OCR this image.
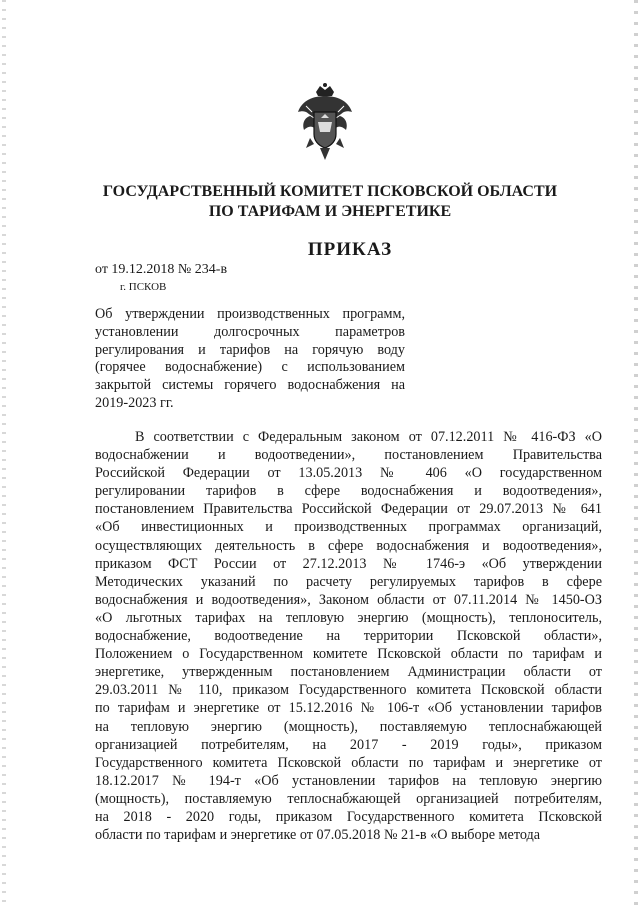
ГОСУДАРСТВЕННЫЙ КОМИТЕТ ПСКОВСКОЙ ОБЛАСТИ
ПО ТАРИФАМ И ЭНЕРГЕТИКЕ
ПРИКАЗ
от 19.12.2018 № 234-в
г. ПСКОВ
Об утверждении производственных программ,
установлении долгосрочных параметров
регулирования и тарифов на горячую воду
(горячее водоснабжение) с использованием
закрытой системы горячего водоснабжения на
2019-2023 гг.
В соответствии с Федеральным законом от 07.12.2011 № 416-ФЗ «О
водоснабжении и водоотведении», постановлением Правительства
Российской Федерации от 13.05.2013 № 406 «О государственном
регулировании тарифов в сфере водоснабжения и водоотведения»,
постановлением Правительства Российской Федерации от 29.07.2013 № 641
«Об инвестиционных и производственных программах организаций,
осуществляющих деятельность в сфере водоснабжения и водоотведения»,
приказом ФСТ России от 27.12.2013 № 1746-э «Об утверждении
Методических указаний по расчету регулируемых тарифов в сфере
водоснабжения и водоотведения», Законом области от 07.11.2014 № 1450-ОЗ
«О льготных тарифах на тепловую энергию (мощность), теплоноситель,
водоснабжение, водоотведение на территории Псковской области»,
Положением о Государственном комитете Псковской области по тарифам и
энергетике, утвержденным постановлением Администрации области от
29.03.2011 № 110, приказом Государственного комитета Псковской области
по тарифам и энергетике от 15.12.2016 № 106-т «Об установлении тарифов
на тепловую энергию (мощность), поставляемую теплоснабжающей
организацией потребителям, на 2017 - 2019 годы», приказом
Государственного комитета Псковской области по тарифам и энергетике от
18.12.2017 № 194-т «Об установлении тарифов на тепловую энергию
(мощность), поставляемую теплоснабжающей организацией потребителям,
на 2018 - 2020 годы, приказом Государственного комитета Псковской
области по тарифам и энергетике от 07.05.2018 № 21-в «О выборе метода
